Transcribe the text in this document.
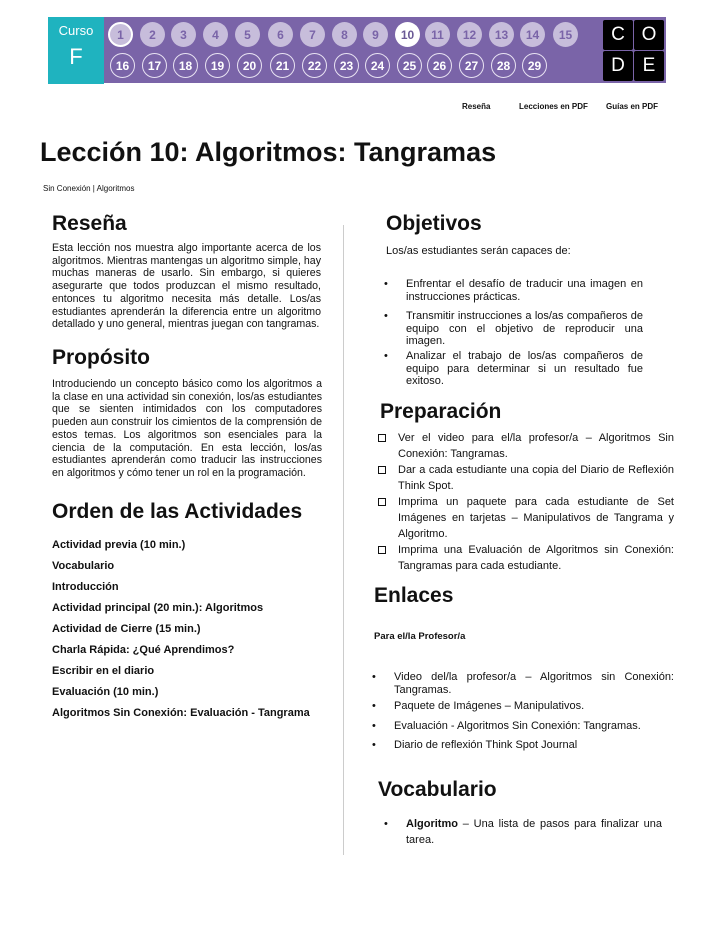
Curso
F
1	2	3	4	5	6	7	8	9	10	11	12	13	14	15
16	17	18	19	20	21	22	23	24	25	26	27	28	29
C O
D E
Reseña	Lecciones en PDF Guías en PDF
Lección 10: Algoritmos: Tangramas
Sin Conexión | Algoritmos
Reseña
Esta lección nos muestra algo importante acerca de los algoritmos. Mientras mantengas un algoritmo simple, hay muchas maneras de usarlo. Sin embargo, si quieres asegurarte que todos produzcan el mismo resultado, entonces tu algoritmo necesita más detalle. Los/as estudiantes aprenderán la diferencia entre un algoritmo detallado y uno general, mientras juegan con tangramas.
Propósito
Introduciendo un concepto básico como los algoritmos a la clase en una actividad sin conexión, los/as estudiantes que se sienten intimidados con los computadores pueden aun construir los cimientos de la comprensión de estos temas. Los algoritmos son esenciales para la ciencia de la computación. En esta lección, los/as estudiantes aprenderán como traducir las instrucciones en algoritmos y cómo tener un rol en la programación.
Orden de las Actividades
Actividad previa (10 min.)
Vocabulario
Introducción
Actividad principal (20 min.): Algoritmos
Actividad de Cierre (15 min.)
Charla Rápida: ¿Qué Aprendimos?
Escribir en el diario
Evaluación (10 min.)
Algoritmos Sin Conexión: Evaluación - Tangrama
Objetivos
Los/as estudiantes serán capaces de:
• Enfrentar el desafío de traducir una imagen en instrucciones prácticas.
• Transmitir instrucciones a los/as compañeros de equipo con el objetivo de reproducir una imagen.
• Analizar el trabajo de los/as compañeros de equipo para determinar si un resultado fue exitoso.
Preparación
Ver el video para el/la profesor/a – Algoritmos Sin Conexión: Tangramas.
Dar a cada estudiante una copia del Diario de Reflexión Think Spot.
Imprima un paquete para cada estudiante de Set Imágenes en tarjetas – Manipulativos de Tangrama y Algoritmo.
Imprima una Evaluación de Algoritmos sin Conexión: Tangramas para cada estudiante.
Enlaces
Para el/la Profesor/a
• Video del/la profesor/a – Algoritmos sin Conexión: Tangramas.
• Paquete de Imágenes – Manipulativos.
• Evaluación - Algoritmos Sin Conexión: Tangramas.
• Diario de reflexión Think Spot Journal
Vocabulario
• Algoritmo – Una lista de pasos para finalizar una tarea.
